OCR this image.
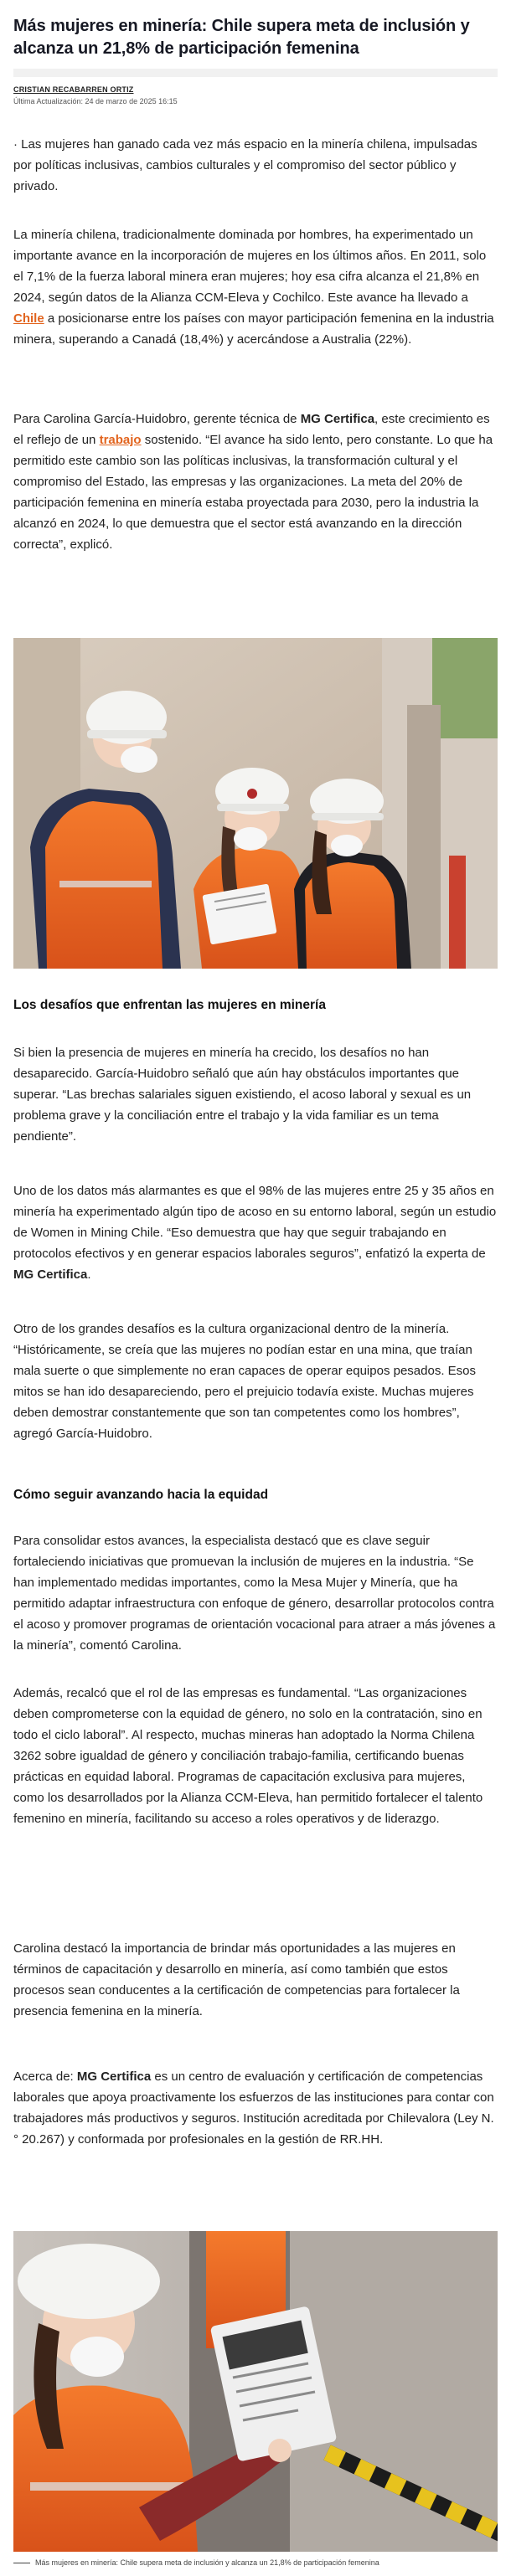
Más mujeres en minería: Chile supera meta de inclusión y alcanza un 21,8% de participación femenina
CRISTIAN RECABARREN ORTIZ
Última Actualización: 24 de marzo de 2025 16:15

· Las mujeres han ganado cada vez más espacio en la minería chilena, impulsadas por políticas inclusivas, cambios culturales y el compromiso del sector público y privado.

La minería chilena, tradicionalmente dominada por hombres, ha experimentado un importante avance en la incorporación de mujeres en los últimos años. En 2011, solo el 7,1% de la fuerza laboral minera eran mujeres; hoy esa cifra alcanza el 21,8% en 2024, según datos de la Alianza CCM-Eleva y Cochilco. Este avance ha llevado a Chile a posicionarse entre los países con mayor participación femenina en la industria minera, superando a Canadá (18,4%) y acercándose a Australia (22%).

Para Carolina García-Huidobro, gerente técnica de MG Certifica, este crecimiento es el reflejo de un trabajo sostenido. “El avance ha sido lento, pero constante. Lo que ha permitido este cambio son las políticas inclusivas, la transformación cultural y el compromiso del Estado, las empresas y las organizaciones. La meta del 20% de participación femenina en minería estaba proyectada para 2030, pero la industria la alcanzó en 2024, lo que demuestra que el sector está avanzando en la dirección correcta”, explicó.

Los desafíos que enfrentan las mujeres en minería

Si bien la presencia de mujeres en minería ha crecido, los desafíos no han desaparecido. García-Huidobro señaló que aún hay obstáculos importantes que superar. “Las brechas salariales siguen existiendo, el acoso laboral y sexual es un problema grave y la conciliación entre el trabajo y la vida familiar es un tema pendiente”.

Uno de los datos más alarmantes es que el 98% de las mujeres entre 25 y 35 años en minería ha experimentado algún tipo de acoso en su entorno laboral, según un estudio de Women in Mining Chile. “Eso demuestra que hay que seguir trabajando en protocolos efectivos y en generar espacios laborales seguros”, enfatizó la experta de MG Certifica.

Otro de los grandes desafíos es la cultura organizacional dentro de la minería. “Históricamente, se creía que las mujeres no podían estar en una mina, que traían mala suerte o que simplemente no eran capaces de operar equipos pesados. Esos mitos se han ido desapareciendo, pero el prejuicio todavía existe. Muchas mujeres deben demostrar constantemente que son tan competentes como los hombres”, agregó García-Huidobro.

Cómo seguir avanzando hacia la equidad

Para consolidar estos avances, la especialista destacó que es clave seguir fortaleciendo iniciativas que promuevan la inclusión de mujeres en la industria. “Se han implementado medidas importantes, como la Mesa Mujer y Minería, que ha permitido adaptar infraestructura con enfoque de género, desarrollar protocolos contra el acoso y promover programas de orientación vocacional para atraer a más jóvenes a la minería”, comentó Carolina.

Además, recalcó que el rol de las empresas es fundamental. “Las organizaciones deben comprometerse con la equidad de género, no solo en la contratación, sino en todo el ciclo laboral”. Al respecto, muchas mineras han adoptado la Norma Chilena 3262 sobre igualdad de género y conciliación trabajo-familia, certificando buenas prácticas en equidad laboral. Programas de capacitación exclusiva para mujeres, como los desarrollados por la Alianza CCM-Eleva, han permitido fortalecer el talento femenino en minería, facilitando su acceso a roles operativos y de liderazgo.

Carolina destacó la importancia de brindar más oportunidades a las mujeres en términos de capacitación y desarrollo en minería, así como también que estos procesos sean conducentes a la certificación de competencias para fortalecer la presencia femenina en la minería.

Acerca de: MG Certifica es un centro de evaluación y certificación de competencias laborales que apoya proactivamente los esfuerzos de las instituciones para contar con trabajadores más productivos y seguros. Institución acreditada por Chilevalora (Ley N.° 20.267) y conformada por profesionales en la gestión de RR.HH.

Más mujeres en minería: Chile supera meta de inclusión y alcanza un 21,8% de participación femenina
